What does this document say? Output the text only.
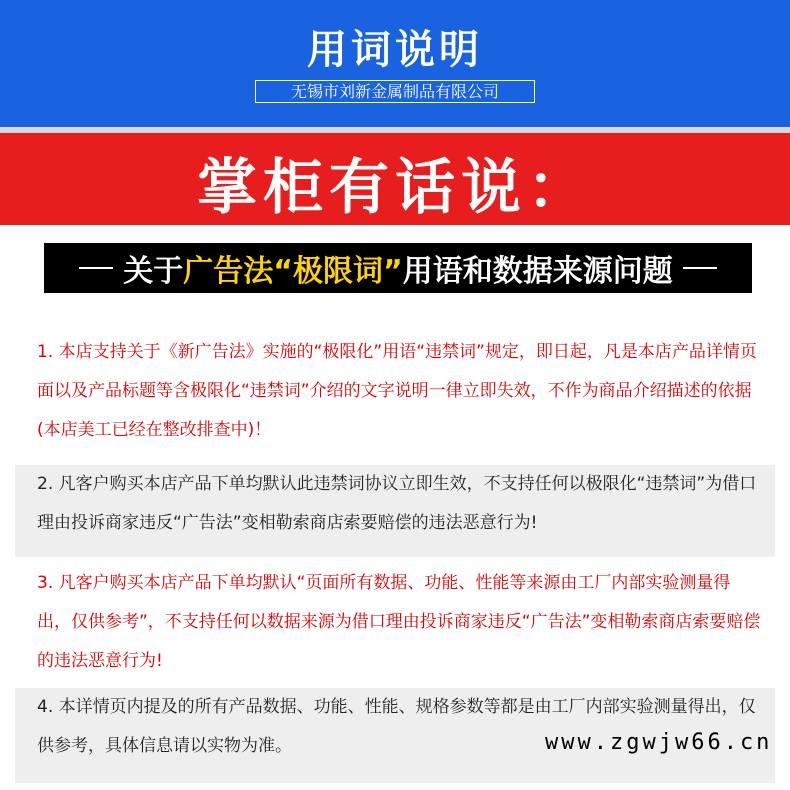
用词说明
无锡市刘新金属制品有限公司
掌柜有话说：
关于 广告法“极限词” 用语和数据来源问题
1. 本店支持关于《新广告法》实施的“极限化”用语“违禁词”规定，即日起，凡是本店产品详情页面以及产品标题等含极限化“违禁词”介绍的文字说明一律立即失效，不作为商品介绍描述的依据(本店美工已经在整改排查中)！
2. 凡客户购买本店产品下单均默认此违禁词协议立即生效，不支持任何以极限化“违禁词”为借口理由投诉商家违反“广告法”变相勒索商店索要赔偿的违法恶意行为!
3. 凡客户购买本店产品下单均默认“页面所有数据、功能、性能等来源由工厂内部实验测量得出，仅供参考”，不支持任何以数据来源为借口理由投诉商家违反“广告法”变相勒索商店索要赔偿的违法恶意行为!
4. 本详情页内提及的所有产品数据、功能、性能、规格参数等都是由工厂内部实验测量得出，仅供参考，具体信息请以实物为准。	www.zgwjw66.cn
